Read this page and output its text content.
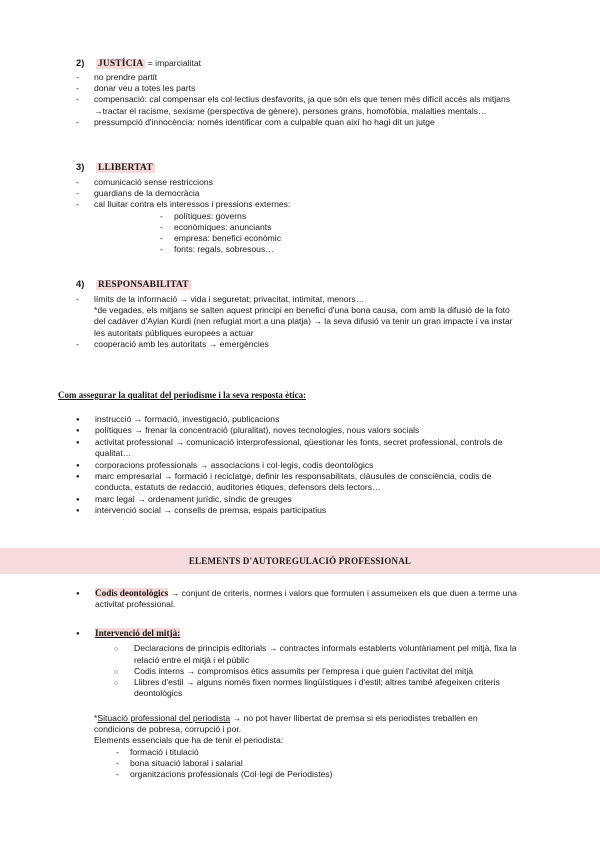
2) JUSTÍCIA = imparcialitat
- no prendre partit
- donar veu a totes les parts
- compensació: cal compensar els col·lectius desfavorits, ja que són els que tenen més difícil accés als mitjans
→tractar el racisme, sexisme (perspectiva de gènere), persones grans, homofòbia, malalties mentals…
- pressumpció d'innocència: només identificar com a culpable quan així ho hagi dit un jutge
3) LLIBERTAT
- comunicació sense restriccions
- guardians de la democràcia
- cal lluitar contra els interessos i pressions externes:
- polítiques: governs
- econòmiques: anunciants
- empresa: benefici econòmic
- fonts: regals, sobresous…
4) RESPONSABILITAT
- límits de la informació → vida i seguretat; privacitat, intimitat, menors…
*de vegades, els mitjans se salten aquest principi en benefici d'una bona causa, com amb la difusió de la foto
del cadàver d'Aylan Kurdi (nen refugiat mort a una platja) → la seva difusió va tenir un gran impacte i va instar
les autoritats públiques europees a actuar
- cooperació amb les autoritats → emergències
Com assegurar la qualitat del periodisme i la seva resposta ètica:
● instrucció → formació, investigació, publicacions
● polítiques → frenar la concentració (pluralitat), noves tecnologies, nous valors socials
● activitat professional → comunicació interprofessional, qüestionar les fonts, secret professional, controls de
qualitat…
● corporacions professionals → associacions i col·legis, codis deontològics
● marc empresarial → formació i reciclatge, definir les responsabilitats, clàusules de consciència, codis de
conducta, estatuts de redacció, auditories ètiques, defensors dels lectors…
● marc legal → ordenament jurídic, síndic de greuges
● intervenció social → consells de premsa, espais participatius
ELEMENTS D'AUTOREGULACIÓ PROFESSIONAL
● Codis deontològics → conjunt de criteris, normes i valors que formulen i assumeixen els que duen a terme una
activitat professional.
● Intervenció del mitjà:
○ Declaracions de principis editorials → contractes informals establerts voluntàriament pel mitjà, fixa la
relació entre el mitjà i el públic
○ Codis interns → compromisos ètics assumits per l'empresa i que guien l'activitat del mitjà
○ Llibres d'estil → alguns només fixen normes lingüístiques i d'estil; altres també afegeixen criteris
deontològics
*Situació professional del periodista → no pot haver llibertat de premsa si els periodistes treballen en
condicions de pobresa, corrupció i por.
Elements essencials que ha de tenir el periodista:
- formació i titulació
- bona situació laboral i salarial
- organitzacions professionals (Col·legi de Periodistes)
